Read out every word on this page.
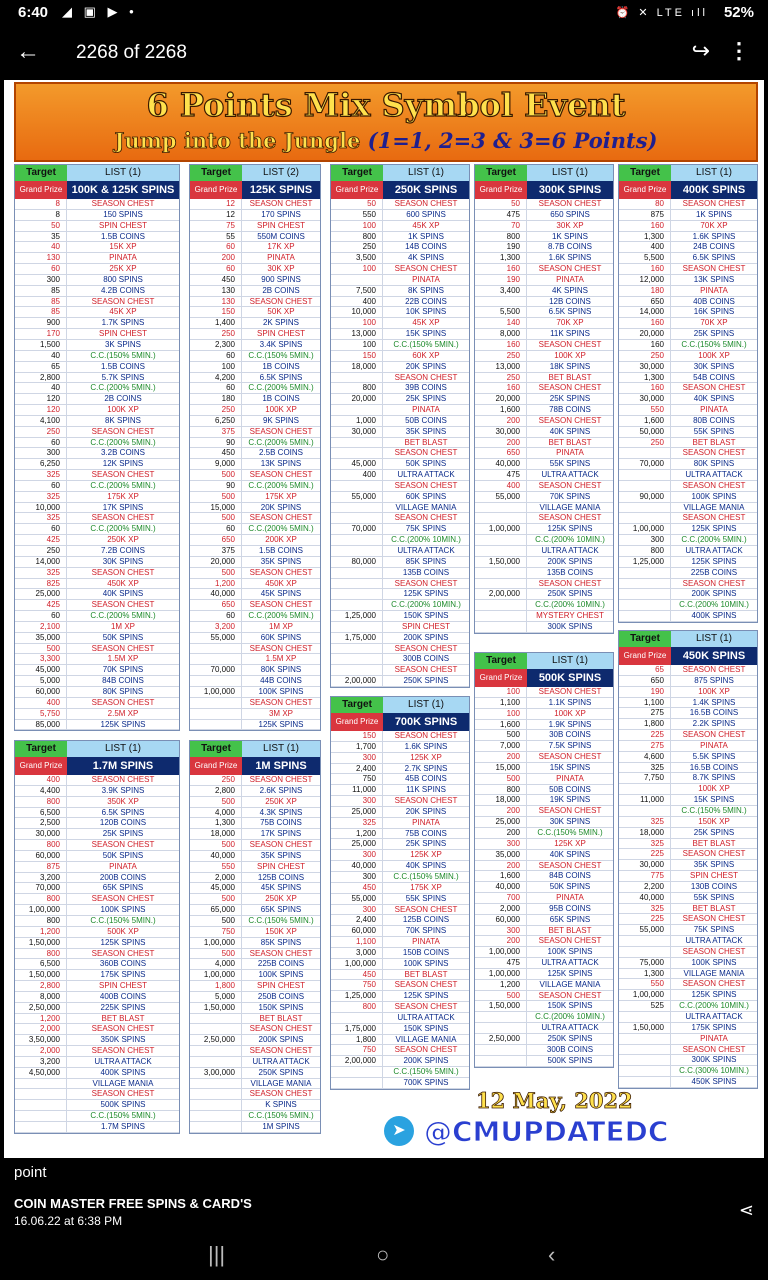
6:40 ◢ ▣ ▶ •	⏰ ✕ LTE ıll 52%
← 2268 of 2268	↪ ⋮
6 Points Mix Symbol Event
Jump into the Jungle (1=1, 2=3 & 3=6 Points)
Target	LIST (1)
Grand Prize 100K & 125K SPINS
8	SEASON CHEST
8	150 SPINS
50	SPIN CHEST
35	1.5B COINS
40	15K XP
130	PINATA
60	25K XP
300	800 SPINS
85	4.2B COINS
85	SEASON CHEST
85	45K XP
900	1.7K SPINS
170	SPIN CHEST
1,500	3K SPINS
40	C.C.(150% 5MIN.)
65	1.5B COINS
2,800	5.7K SPINS
40	C.C.(200% 5MIN.)
120	2B COINS
120	100K XP
4,100	8K SPINS
250	SEASON CHEST
60	C.C.(200% 5MIN.)
300	3.2B COINS
6,250	12K SPINS
325	SEASON CHEST
60	C.C.(200% 5MIN.)
325	175K XP
10,000	17K SPINS
325	SEASON CHEST
60	C.C.(200% 5MIN.)
425	250K XP
250	7.2B COINS
14,000	30K SPINS
325	SEASON CHEST
825	450K XP
25,000	40K SPINS
425	SEASON CHEST
60	C.C.(200% 5MIN.)
2,100	1M XP
35,000	50K SPINS
500	SEASON CHEST
3,300	1.5M XP
45,000	70K SPINS
5,000	84B COINS
60,000	80K SPINS
400	SEASON CHEST
5,750	2.5M XP
85,000	125K SPINS
Target	LIST (2)
Grand Prize	125K SPINS
12	SEASON CHEST
12	170 SPINS
75	SPIN CHEST
55	550M COINS
60	17K XP
200	PINATA
60	30K XP
450	900 SPINS
130	2B COINS
130	SEASON CHEST
150	50K XP
1,400	2K SPINS
250	SPIN CHEST
2,300	3.4K SPINS
60	C.C.(150% 5MIN.)
100	1B COINS
4,200	6.5K SPINS
60	C.C.(200% 5MIN.)
180	1B COINS
250	100K XP
6,250	9K SPINS
375	SEASON CHEST
90	C.C.(200% 5MIN.)
450	2.5B COINS
9,000	13K SPINS
500	SEASON CHEST
90	C.C.(200% 5MIN.)
500	175K XP
15,000	20K SPINS
500	SEASON CHEST
60	C.C.(200% 5MIN.)
650	200K XP
375	1.5B COINS
20,000	35K SPINS
500	SEASON CHEST
1,200	450K XP
40,000	45K SPINS
650	SEASON CHEST
60	C.C.(200% 5MIN.)
3,200	1M XP
55,000	60K SPINS
SEASON CHEST
1.5M XP
70,000	80K SPINS
44B COINS
1,00,000	100K SPINS
SEASON CHEST
3M XP
125K SPINS
Target	LIST (1)
Grand Prize	250K SPINS
50	SEASON CHEST
550	600 SPINS
100	45K XP
800	1K SPINS
250	14B COINS
3,500	4K SPINS
100	SEASON CHEST
PINATA
7,500	8K SPINS
400	22B COINS
10,000	10K SPINS
100	45K XP
13,000	15K SPINS
100	C.C.(150% 5MIN.)
150	60K XP
18,000	20K SPINS
SEASON CHEST
800	39B COINS
20,000	25K SPINS
PINATA
1,000	50B COINS
30,000	35K SPINS
BET BLAST
SEASON CHEST
45,000	50K SPINS
400	ULTRA ATTACK
SEASON CHEST
55,000	60K SPINS
VILLAGE MANIA
SEASON CHEST
70,000	75K SPINS
C.C.(200% 10MIN.)
ULTRA ATTACK
80,000	85K SPINS
135B COINS
SEASON CHEST
125K SPINS
C.C.(200% 10MIN.)
1,25,000	150K SPINS
SPIN CHEST
1,75,000	200K SPINS
SEASON CHEST
300B COINS
SEASON CHEST
2,00,000	250K SPINS
Target	LIST (1)
Grand Prize	300K SPINS
50	SEASON CHEST
475	650 SPINS
70	30K XP
800	1K SPINS
190	8.7B COINS
1,300	1.6K SPINS
160	SEASON CHEST
190	PINATA
3,400	4K SPINS
12B COINS
5,500	6.5K SPINS
140	70K XP
8,000	11K SPINS
160	SEASON CHEST
250	100K XP
13,000	18K SPINS
250	BET BLAST
160	SEASON CHEST
20,000	25K SPINS
1,600	78B COINS
200	SEASON CHEST
30,000	40K SPINS
200	BET BLAST
650	PINATA
40,000	55K SPINS
475	ULTRA ATTACK
400	SEASON CHEST
55,000	70K SPINS
VILLAGE MANIA
SEASON CHEST
1,00,000	125K SPINS
C.C.(200% 10MIN.)
ULTRA ATTACK
1,50,000	200K SPINS
135B COINS
SEASON CHEST
2,00,000	250K SPINS
C.C.(200% 10MIN.)
MYSTERY CHEST
300K SPINS
Target	LIST (1)
Grand Prize	400K SPINS
80	SEASON CHEST
875	1K SPINS
160	70K XP
1,300	1.6K SPINS
400	24B COINS
5,500	6.5K SPINS
160	SEASON CHEST
12,000	13K SPINS
180	PINATA
650	40B COINS
14,000	16K SPINS
160	70K XP
20,000	25K SPINS
160	C.C.(150% 5MIN.)
250	100K XP
30,000	30K SPINS
1,300	54B COINS
160	SEASON CHEST
30,000	40K SPINS
550	PINATA
1,600	80B COINS
50,000	55K SPINS
250	BET BLAST
SEASON CHEST
70,000	80K SPINS
ULTRA ATTACK
SEASON CHEST
90,000	100K SPINS
VILLAGE MANIA
SEASON CHEST
1,00,000	125K SPINS
300	C.C.(200% 5MIN.)
800	ULTRA ATTACK
1,25,000	125K SPINS
225B COINS
SEASON CHEST
200K SPINS
C.C.(200% 10MIN.)
400K SPINS
Target	LIST (1)
Grand Prize	1.7M SPINS
400	SEASON CHEST
4,400	3.9K SPINS
800	350K XP
6,500	6.5K SPINS
2,500	120B COINS
30,000	25K SPINS
800	SEASON CHEST
60,000	50K SPINS
875	PINATA
3,200	200B COINS
70,000	65K SPINS
800	SEASON CHEST
1,00,000	100K SPINS
800	C.C.(150% 5MIN.)
1,200	500K XP
1,50,000	125K SPINS
800	SEASON CHEST
6,500	360B COINS
1,50,000	175K SPINS
2,800	SPIN CHEST
8,000	400B COINS
2,50,000	225K SPINS
1,200	BET BLAST
2,000	SEASON CHEST
3,50,000	350K SPINS
2,000	SEASON CHEST
3,200	ULTRA ATTACK
4,50,000	400K SPINS
VILLAGE MANIA
SEASON CHEST
500K SPINS
C.C.(150% 5MIN.)
1.7M SPINS
Target	LIST (1)
Grand Prize	1M SPINS
250	SEASON CHEST
2,800	2.6K SPINS
500	250K XP
4,000	4.3K SPINS
1,300	75B COINS
18,000	17K SPINS
500	SEASON CHEST
40,000	35K SPINS
550	SPIN CHEST
2,000	125B COINS
45,000	45K SPINS
500	250K XP
65,000	65K SPINS
500	C.C.(150% 5MIN.)
750	150K XP
1,00,000	85K SPINS
500	SEASON CHEST
4,000	225B COINS
1,00,000	100K SPINS
1,800	SPIN CHEST
5,000	250B COINS
1,50,000	150K SPINS
BET BLAST
SEASON CHEST
2,50,000	200K SPINS
SEASON CHEST
ULTRA ATTACK
3,00,000	250K SPINS
VILLAGE MANIA
SEASON CHEST
K SPINS
C.C.(150% 5MIN.)
1M SPINS
Target	LIST (1)
Grand Prize	700K SPINS
150	SEASON CHEST
1,700	1.6K SPINS
300	125K XP
2,400	2.7K SPINS
750	45B COINS
11,000	11K SPINS
300	SEASON CHEST
25,000	20K SPINS
325	PINATA
1,200	75B COINS
25,000	25K SPINS
300	125K XP
40,000	40K SPINS
300	C.C.(150% 5MIN.)
450	175K XP
55,000	55K SPINS
300	SEASON CHEST
2,400	125B COINS
60,000	70K SPINS
1,100	PINATA
3,000	150B COINS
1,00,000	100K SPINS
450	BET BLAST
750	SEASON CHEST
1,25,000	125K SPINS
800	SEASON CHEST
ULTRA ATTACK
1,75,000	150K SPINS
1,800	VILLAGE MANIA
750	SEASON CHEST
2,00,000	200K SPINS
C.C.(150% 5MIN.)
700K SPINS
Target	LIST (1)
Grand Prize	500K SPINS
100	SEASON CHEST
1,100	1.1K SPINS
100	100K XP
1,600	1.9K SPINS
500	30B COINS
7,000	7.5K SPINS
200	SEASON CHEST
15,000	15K SPINS
500	PINATA
800	50B COINS
18,000	19K SPINS
200	SEASON CHEST
25,000	30K SPINS
200	C.C.(150% 5MIN.)
300	125K XP
35,000	40K SPINS
200	SEASON CHEST
1,600	84B COINS
40,000	50K SPINS
700	PINATA
2,000	95B COINS
60,000	65K SPINS
300	BET BLAST
200	SEASON CHEST
1,00,000	100K SPINS
475	ULTRA ATTACK
1,00,000	125K SPINS
1,200	VILLAGE MANIA
500	SEASON CHEST
1,50,000	150K SPINS
C.C.(200% 10MIN.)
ULTRA ATTACK
2,50,000	250K SPINS
300B COINS
500K SPINS
Target	LIST (1)
Grand Prize	450K SPINS
65	SEASON CHEST
650	875 SPINS
190	100K XP
1,100	1.4K SPINS
275	16.5B COINS
1,800	2.2K SPINS
225	SEASON CHEST
275	PINATA
4,600	5.5K SPINS
325	16.5B COINS
7,750	8.7K SPINS
100K XP
11,000	15K SPINS
C.C.(150% 5MIN.)
325	150K XP
18,000	25K SPINS
325	BET BLAST
225	SEASON CHEST
30,000	35K SPINS
775	SPIN CHEST
2,200	130B COINS
40,000	55K SPINS
325	BET BLAST
225	SEASON CHEST
55,000	75K SPINS
ULTRA ATTACK
SEASON CHEST
75,000	100K SPINS
1,300	VILLAGE MANIA
550	SEASON CHEST
1,00,000	125K SPINS
525	C.C.(200% 10MIN.)
ULTRA ATTACK
1,50,000	175K SPINS
PINATA
SEASON CHEST
300K SPINS
C.C.(300% 10MIN.)
450K SPINS
12 May, 2022
➤ @CMUPDATEDC
point
COIN MASTER FREE SPINS & CARD'S
16.06.22 at 6:38 PM
⋖
|||	○	‹
